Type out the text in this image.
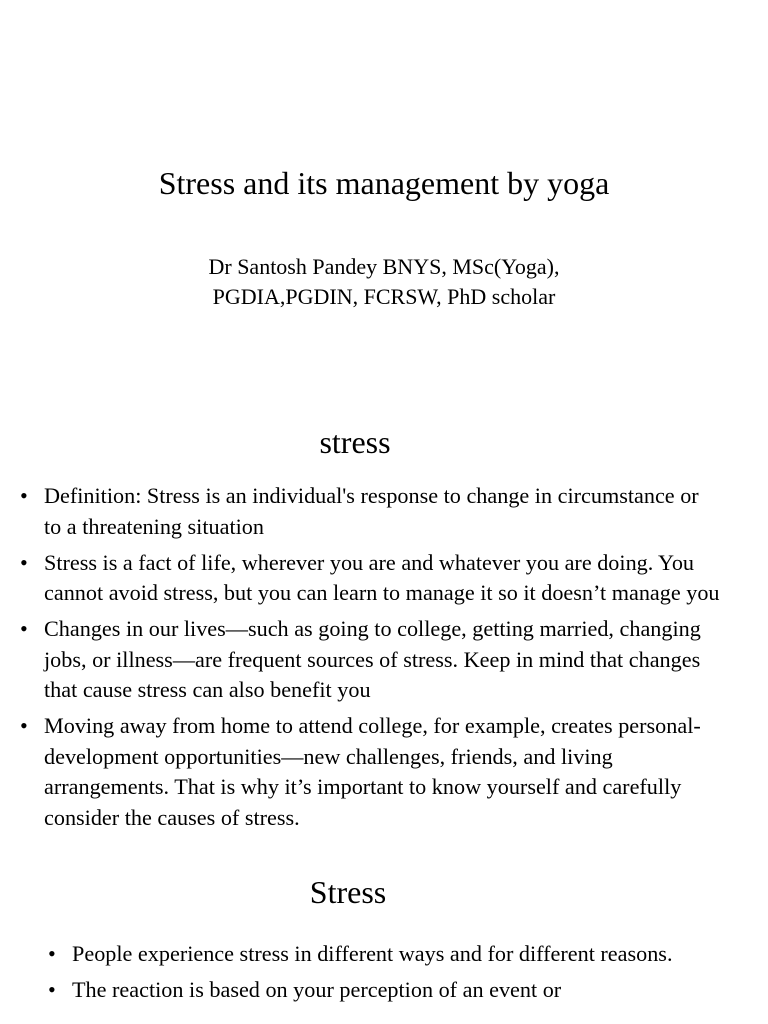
Stress and its management by yoga
Dr Santosh Pandey BNYS, MSc(Yoga),
PGDIA,PGDIN, FCRSW, PhD scholar
stress
• Definition: Stress is an individual's response to change in circumstance or to a threatening situation
• Stress is a fact of life, wherever you are and whatever you are doing. You cannot avoid stress, but you can learn to manage it so it doesn’t manage you
• Changes in our lives—such as going to college, getting married, changing jobs, or illness—are frequent sources of stress. Keep in mind that changes that cause stress can also benefit you
• Moving away from home to attend college, for example, creates personal-development opportunities—new challenges, friends, and living arrangements. That is why it’s important to know yourself and carefully consider the causes of stress.
Stress
• People experience stress in different ways and for different reasons.
• The reaction is based on your perception of an event or
